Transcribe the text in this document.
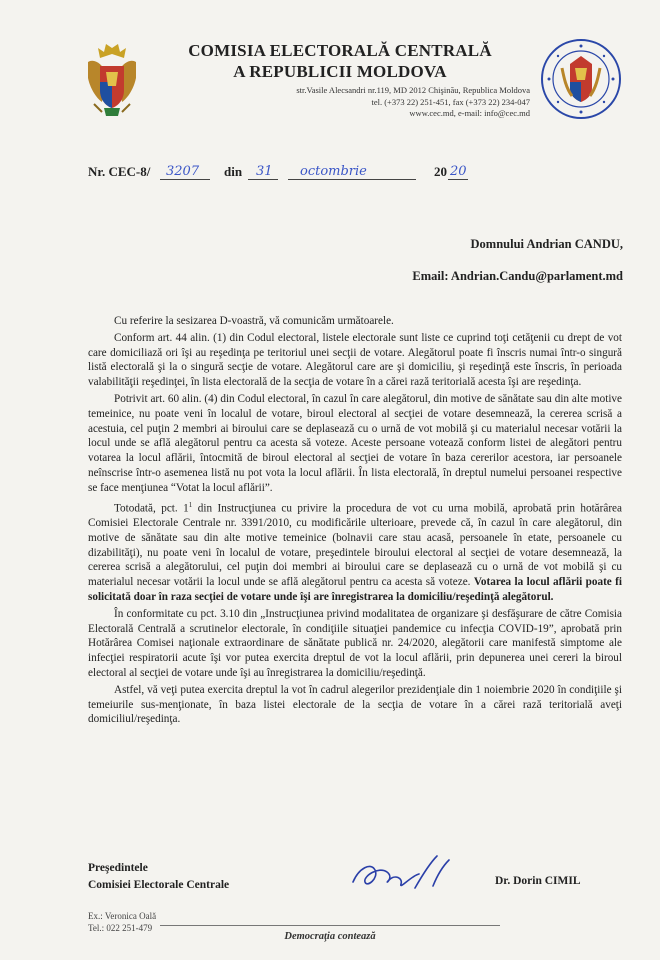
COMISIA ELECTORALĂ CENTRALĂ
A REPUBLICII MOLDOVA
str.Vasile Alecsandri nr.119, MD 2012 Chişinău, Republica Moldova
tel. (+373 22) 251-451, fax (+373 22) 234-047
www.cec.md, e-mail: info@cec.md
Nr. CEC-8/ 3207 din 31 octombrie	20 20
Domnului Andrian CANDU,
Email: Andrian.Candu@parlament.md

Cu referire la sesizarea D-voastră, vă comunicăm următoarele.

Conform art. 44 alin. (1) din Codul electoral, listele electorale sunt liste ce cuprind toţi cetăţenii cu drept de vot care domiciliază ori îşi au reşedinţa pe teritoriul unei secţii de votare. Alegătorul poate fi înscris numai într-o singură listă electorală şi la o singură secţie de votare. Alegătorul care are şi domiciliu, şi reşedinţă este înscris, în perioada valabilităţii reşedinţei, în lista electorală de la secţia de votare în a cărei rază teritorială acesta îşi are reşedinţa.

Potrivit art. 60 alin. (4) din Codul electoral, în cazul în care alegătorul, din motive de sănătate sau din alte motive temeinice, nu poate veni în localul de votare, biroul electoral al secţiei de votare desemnează, la cererea scrisă a acestuia, cel puţin 2 membri ai biroului care se deplasează cu o urnă de vot mobilă şi cu materialul necesar votării la locul unde se află alegătorul pentru ca acesta să voteze. Aceste persoane votează conform listei de alegători pentru votarea la locul aflării, întocmită de biroul electoral al secţiei de votare în baza cererilor acestora, iar persoanele neînscrise într-o asemenea listă nu pot vota la locul aflării. În lista electorală, în dreptul numelui persoanei respective se face menţiunea “Votat la locul aflării”.

Totodată, pct. $1^1$ din Instrucţiunea cu privire la procedura de vot cu urna mobilă, aprobată prin hotărârea Comisiei Electorale Centrale nr. 3391/2010, cu modificările ulterioare, prevede că, în cazul în care alegătorul, din motive de sănătate sau din alte motive temeinice (bolnavii care stau acasă, persoanele în etate, persoanele cu dizabilităţi), nu poate veni în localul de votare, preşedintele biroului electoral al secţiei de votare desemnează, la cererea scrisă a alegătorului, cel puţin doi membri ai biroului care se deplasează cu o urnă de vot mobilă şi cu materialul necesar votării la locul unde se află alegătorul pentru ca acesta să voteze. Votarea la locul aflării poate fi solicitată doar în raza secţiei de votare unde îşi are înregistrarea la domiciliu/reşedinţă alegătorul.

În conformitate cu pct. 3.10 din „Instrucţiunea privind modalitatea de organizare şi desfăşurare de către Comisia Electorală Centrală a scrutinelor electorale, în condiţiile situaţiei pandemice cu infecţia COVID-19”, aprobată prin Hotărârea Comisei naţionale extraordinare de sănătate publică nr. 24/2020, alegătorii care manifestă simptome ale infecţiei respiratorii acute îşi vor putea exercita dreptul de vot la locul aflării, prin depunerea unei cereri la biroul electoral al secţiei de votare unde îşi au înregistrarea la domiciliu/reşedinţă.

Astfel, vă veţi putea exercita dreptul la vot în cadrul alegerilor prezidenţiale din 1 noiembrie 2020 în condiţiile şi temeiurile sus-menţionate, în baza listei electorale de la secţia de votare în a cărei rază teritorială aveţi domiciliul/reşedinţa.

Preşedintele
Comisiei Electorale Centrale	Dr. Dorin CIMIL
Ex.: Veronica Oală
Tel.: 022 251-479
Democraţia contează
